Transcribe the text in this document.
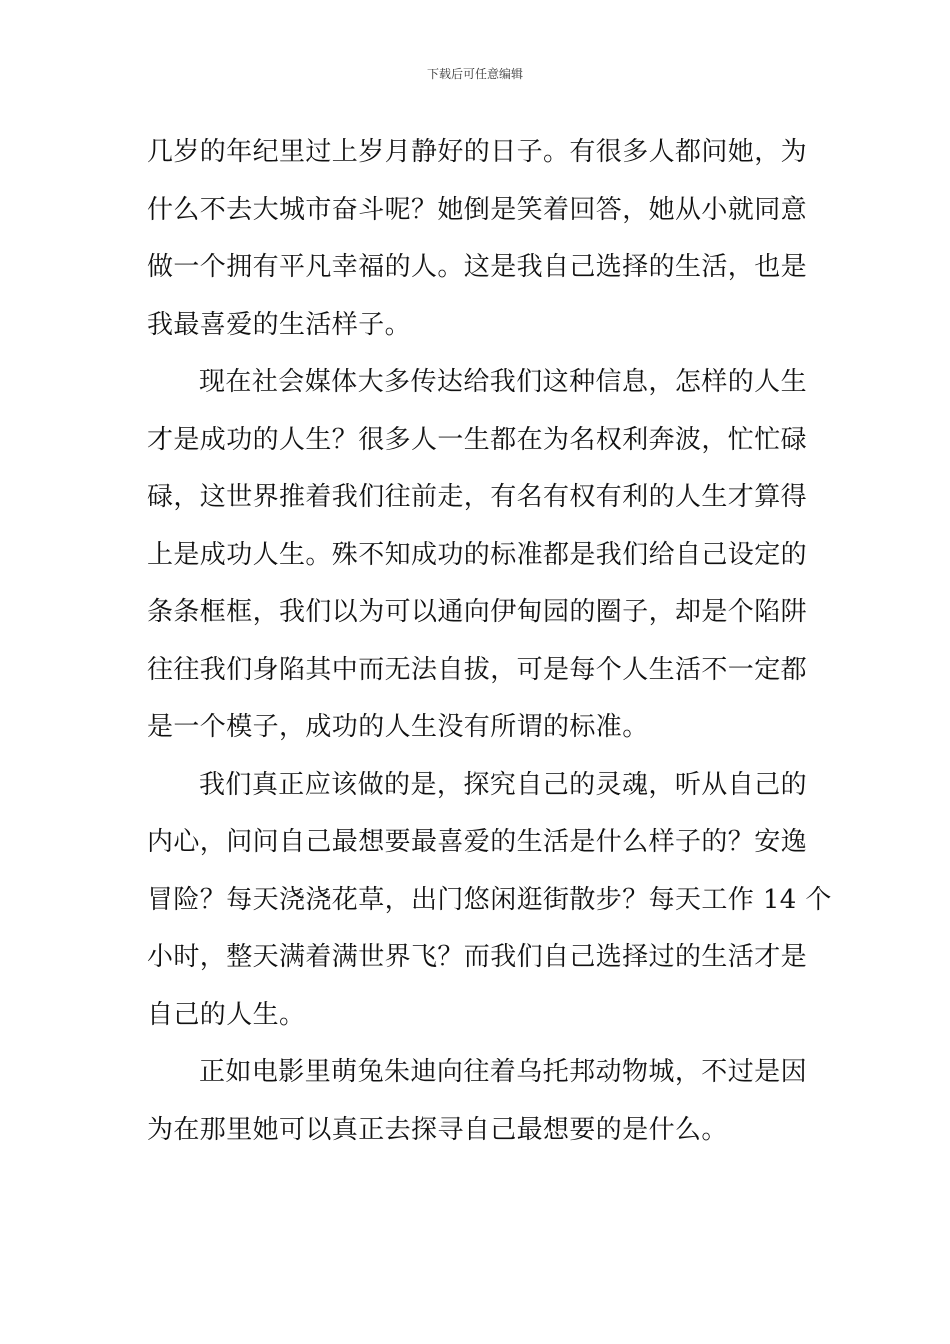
下载后可任意编辑

几岁的年纪里过上岁月静好的日子。有很多人都问她，为
什么不去大城市奋斗呢？她倒是笑着回答，她从小就同意
做一个拥有平凡幸福的人。这是我自己选择的生活，也是
我最喜爱的生活样子。

现在社会媒体大多传达给我们这种信息，怎样的人生
才是成功的人生？很多人一生都在为名权利奔波，忙忙碌
碌，这世界推着我们往前走，有名有权有利的人生才算得
上是成功人生。殊不知成功的标准都是我们给自己设定的
条条框框，我们以为可以通向伊甸园的圈子，却是个陷阱
往往我们身陷其中而无法自拔，可是每个人生活不一定都
是一个模子，成功的人生没有所谓的标准。

我们真正应该做的是，探究自己的灵魂，听从自己的
内心，问问自己最想要最喜爱的生活是什么样子的？安逸
冒险？每天浇浇花草，出门悠闲逛街散步？每天工作 14 个
小时，整天满着满世界飞？而我们自己选择过的生活才是
自己的人生。

正如电影里萌兔朱迪向往着乌托邦动物城，不过是因
为在那里她可以真正去探寻自己最想要的是什么。
